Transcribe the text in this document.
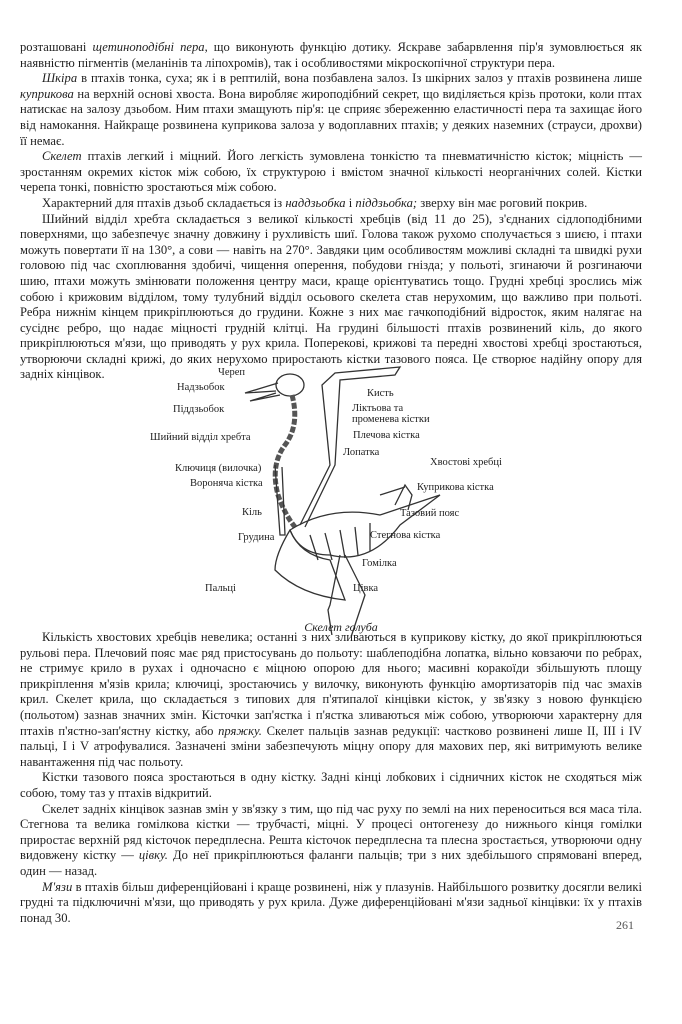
розташовані щетиноподібні пера, що виконують функцію дотику. Яскраве забарвлення пір'я зумовлюється як наявністю пігментів (меланінів та ліпохромів), так і особливостями мікроскопічної структури пера.

Шкіра в птахів тонка, суха; як і в рептилій, вона позбавлена залоз. Із шкірних залоз у птахів розвинена лише куприкова на верхній основі хвоста. Вона виробляє жироподібний секрет, що виділяється крізь протоки, коли птах натискає на залозу дзьобом. Ним птахи змащують пір'я: це сприяє збереженню еластичності пера та захищає його від намокання. Найкраще розвинена куприкова залоза у водоплавних птахів; у деяких наземних (страуси, дрохви) її немає.

Скелет птахів легкий і міцний. Його легкість зумовлена тонкістю та пневматичністю кісток; міцність — зростанням окремих кісток між собою, їх структурою і вмістом значної кількості неорганічних солей. Кістки черепа тонкі, повністю зростаються між собою.

Характерний для птахів дзьоб складається із наддзьобка і піддзьобка; зверху він має роговий покрив.

Шийний відділ хребта складається з великої кількості хребців (від 11 до 25), з'єднаних сідлоподібними поверхнями, що забезпечує значну довжину і рухливість шиї. Голова також рухомо сполучається з шиєю, і птахи можуть повертати її на 130°, а сови — навіть на 270°. Завдяки цим особливостям можливі складні та швидкі рухи головою під час схоплювання здобичі, чищення оперення, побудови гнізда; у польоті, згинаючи й розгинаючи шию, птахи можуть змінювати положення центру маси, краще орієнтуватись тощо. Грудні хребці зрослись між собою і крижовим відділом, тому тулубний відділ осьового скелета став нерухомим, що важливо при польоті. Ребра нижнім кінцем прикріплюються до грудини. Кожне з них має гачкоподібний відросток, яким налягає на сусіднє ребро, що надає міцності грудній клітці. На грудині більшості птахів розвинений кіль, до якого прикріплюються м'язи, що приводять у рух крила. Поперекові, крижові та передні хвостові хребці зростаються, утворюючи складні крижі, до яких нерухомо приростають кістки тазового пояса. Це створює надійну опору для задніх кінцівок.	Череп
Надзьобок
Піддзьобок
Шийний відділ хребта
Ключиця (вилочка)
Вороняча кістка
Кіль
Грудина
Пальці
Кисть
Ліктьова та
променева кістки
Плечова кістка
Лопатка
Хвостові хребці
Куприкова кістка
Тазовий пояс
Стегнова кістка
Гомілка
Цівка
Скелет голуба

Кількість хвостових хребців невелика; останні з них зливаються в куприкову кістку, до якої прикріплюються рульові пера. Плечовий пояс має ряд пристосувань до польоту: шаблеподібна лопатка, вільно ковзаючи по ребрах, не стримує крило в рухах і одночасно є міцною опорою для нього; масивні коракоїди збільшують площу прикріплення м'язів крила; ключиці, зростаючись у вилочку, виконують функцію амортизаторів під час змахів крил. Скелет крила, що складається з типових для п'ятипалої кінцівки кісток, у зв'язку з новою функцією (польотом) зазнав значних змін. Кісточки зап'ястка і п'ястка зливаються між собою, утворюючи характерну для птахів п'ястно-зап'ястну кістку, або пряжку. Скелет пальців зазнав редукції: частково розвинені лише II, III і IV пальці, I і V атрофувалися. Зазначені зміни забезпечують міцну опору для махових пер, які витримують велике навантаження під час польоту.

Кістки тазового пояса зростаються в одну кістку. Задні кінці лобкових і сідничних кісток не сходяться між собою, тому таз у птахів відкритий.

Скелет задніх кінцівок зазнав змін у зв'язку з тим, що під час руху по землі на них переноситься вся маса тіла. Стегнова та велика гомілкова кістки — трубчасті, міцні. У процесі онтогенезу до нижнього кінця гомілки приростає верхній ряд кісточок передплесна. Решта кісточок передплесна та плесна зростається, утворюючи одну видовжену кістку — цівку. До неї прикріплюються фаланги пальців; три з них здебільшого спрямовані вперед, один — назад.

М'язи в птахів більш диференційовані і краще розвинені, ніж у плазунів. Найбільшого розвитку досягли великі грудні та підключичні м'язи, що приводять у рух крила. Дуже диференційовані м'язи задньої кінцівки: їх у птахів понад 30.

261
